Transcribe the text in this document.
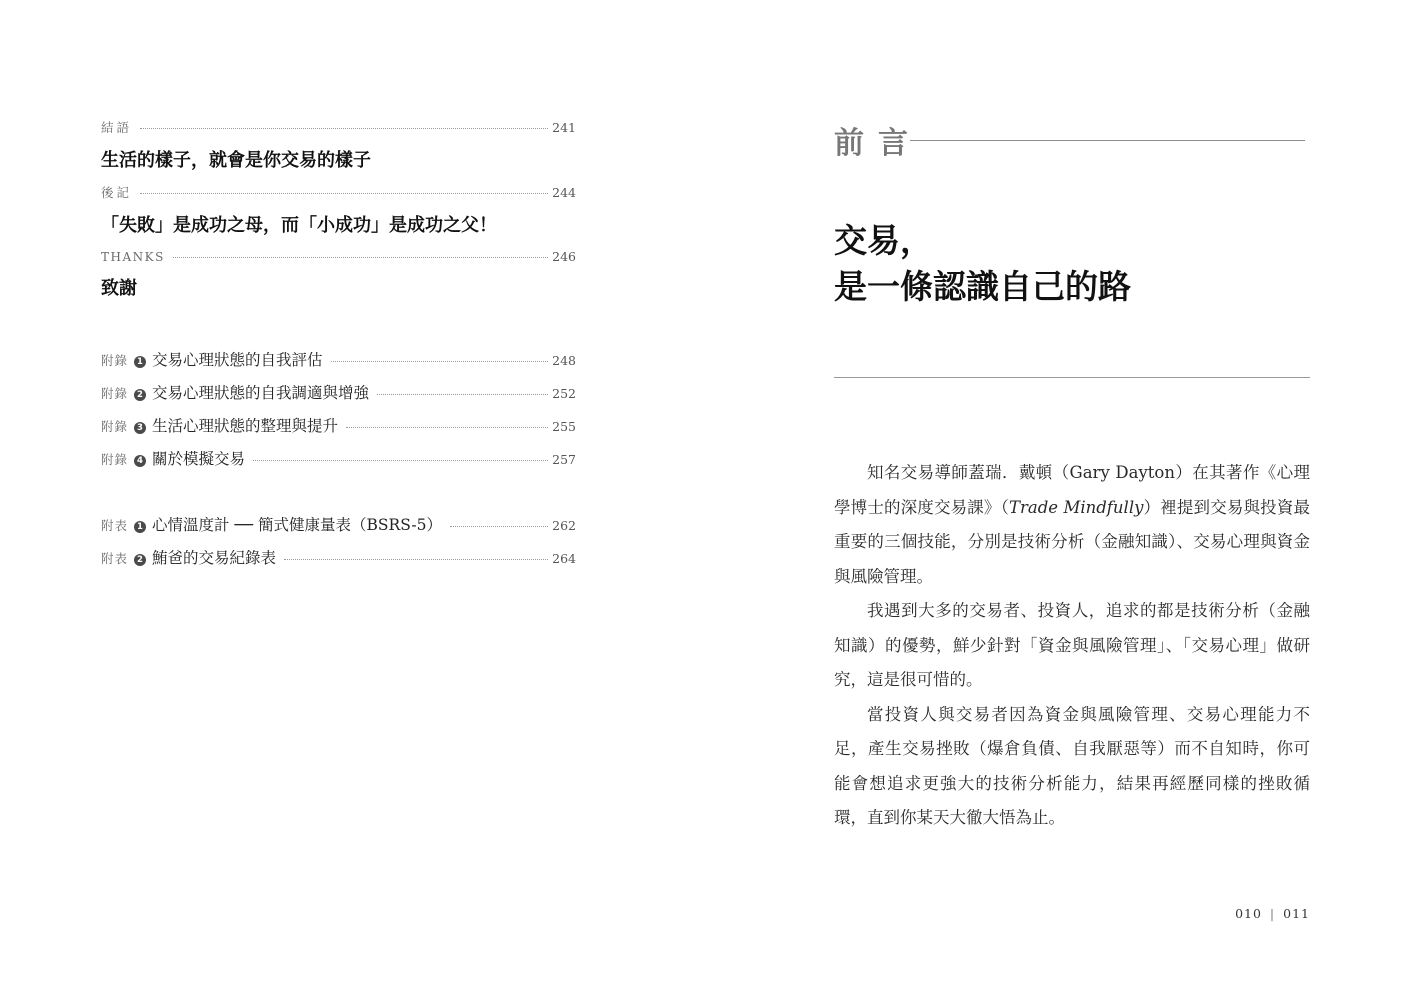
結語	241
生活的樣子，就會是你交易的樣子
後記	244
「失敗」是成功之母，而「小成功」是成功之父！
THANKS	246
致謝
附錄	1 交易心理狀態的自我評估	248
附錄	2 交易心理狀態的自我調適與增強	252
附錄	3 生活心理狀態的整理與提升	255
附錄	4 關於模擬交易	257
附表	1 心情溫度計 ── 簡式健康量表（BSRS-5）	262
附表	2 鮪爸的交易紀錄表	264
前言
交易，
是一條認識自己的路

知名交易導師蓋瑞．戴頓（Gary Dayton）在其著作《心理學博士的深度交易課》（Trade Mindfully）裡提到交易與投資最重要的三個技能，分別是技術分析（金融知識）、交易心理與資金與風險管理。

我遇到大多的交易者、投資人，追求的都是技術分析（金融知識）的優勢，鮮少針對「資金與風險管理」、「交易心理」做研究，這是很可惜的。

當投資人與交易者因為資金與風險管理、交易心理能力不足，產生交易挫敗（爆倉負債、自我厭惡等）而不自知時，你可能會想追求更強大的技術分析能力，結果再經歷同樣的挫敗循環，直到你某天大徹大悟為止。

010 | 011
